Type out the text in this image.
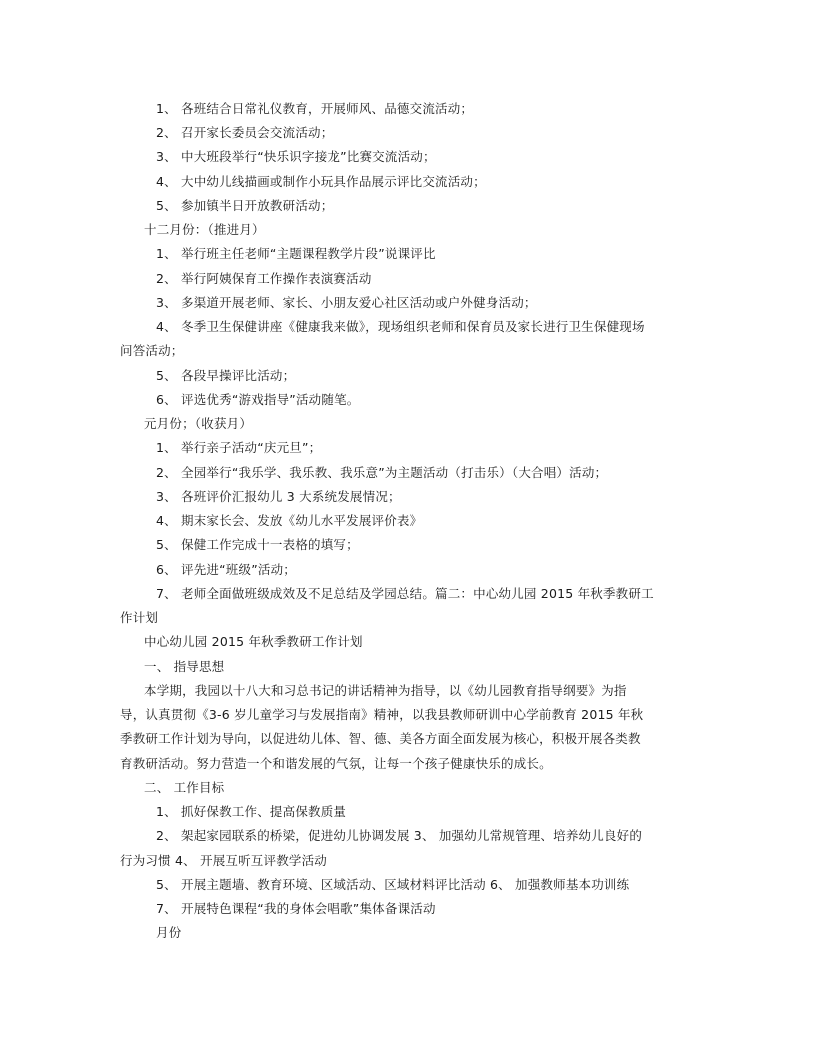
1、 各班结合日常礼仪教育，开展师风、品德交流活动；
2、 召开家长委员会交流活动；
3、 中大班段举行“快乐识字接龙”比赛交流活动；
4、 大中幼儿线描画或制作小玩具作品展示评比交流活动；
5、 参加镇半日开放教研活动；
十二月份：（推进月）
1、 举行班主任老师“主题课程教学片段”说课评比
2、 举行阿姨保育工作操作表演赛活动
3、 多渠道开展老师、家长、小朋友爱心社区活动或户外健身活动；
4、 冬季卫生保健讲座《健康我来做》，现场组织老师和保育员及家长进行卫生保健现场
问答活动；
5、 各段早操评比活动；
6、 评选优秀“游戏指导”活动随笔。
元月份；（收获月）
1、 举行亲子活动“庆元旦”；
2、 全园举行“我乐学、我乐教、我乐意”为主题活动（打击乐）（大合唱）活动；
3、 各班评价汇报幼儿 3 大系统发展情况；
4、 期末家长会、发放《幼儿水平发展评价表》
5、 保健工作完成十一表格的填写；
6、 评先进“班级”活动；
7、 老师全面做班级成效及不足总结及学园总结。篇二：中心幼儿园 2015 年秋季教研工
作计划
中心幼儿园 2015 年秋季教研工作计划
一、 指导思想
本学期，我园以十八大和习总书记的讲话精神为指导，以《幼儿园教育指导纲要》为指
导，认真贯彻《3-6 岁儿童学习与发展指南》精神，以我县教师研训中心学前教育 2015 年秋
季教研工作计划为导向，以促进幼儿体、智、德、美各方面全面发展为核心，积极开展各类教
育教研活动。努力营造一个和谐发展的气氛，让每一个孩子健康快乐的成长。
二、 工作目标
1、 抓好保教工作、提高保教质量
2、 架起家园联系的桥梁，促进幼儿协调发展 3、 加强幼儿常规管理、培养幼儿良好的
行为习惯 4、 开展互听互评教学活动
5、 开展主题墙、教育环境、区域活动、区域材料评比活动 6、 加强教师基本功训练
7、 开展特色课程“我的身体会唱歌”集体备课活动
月份
